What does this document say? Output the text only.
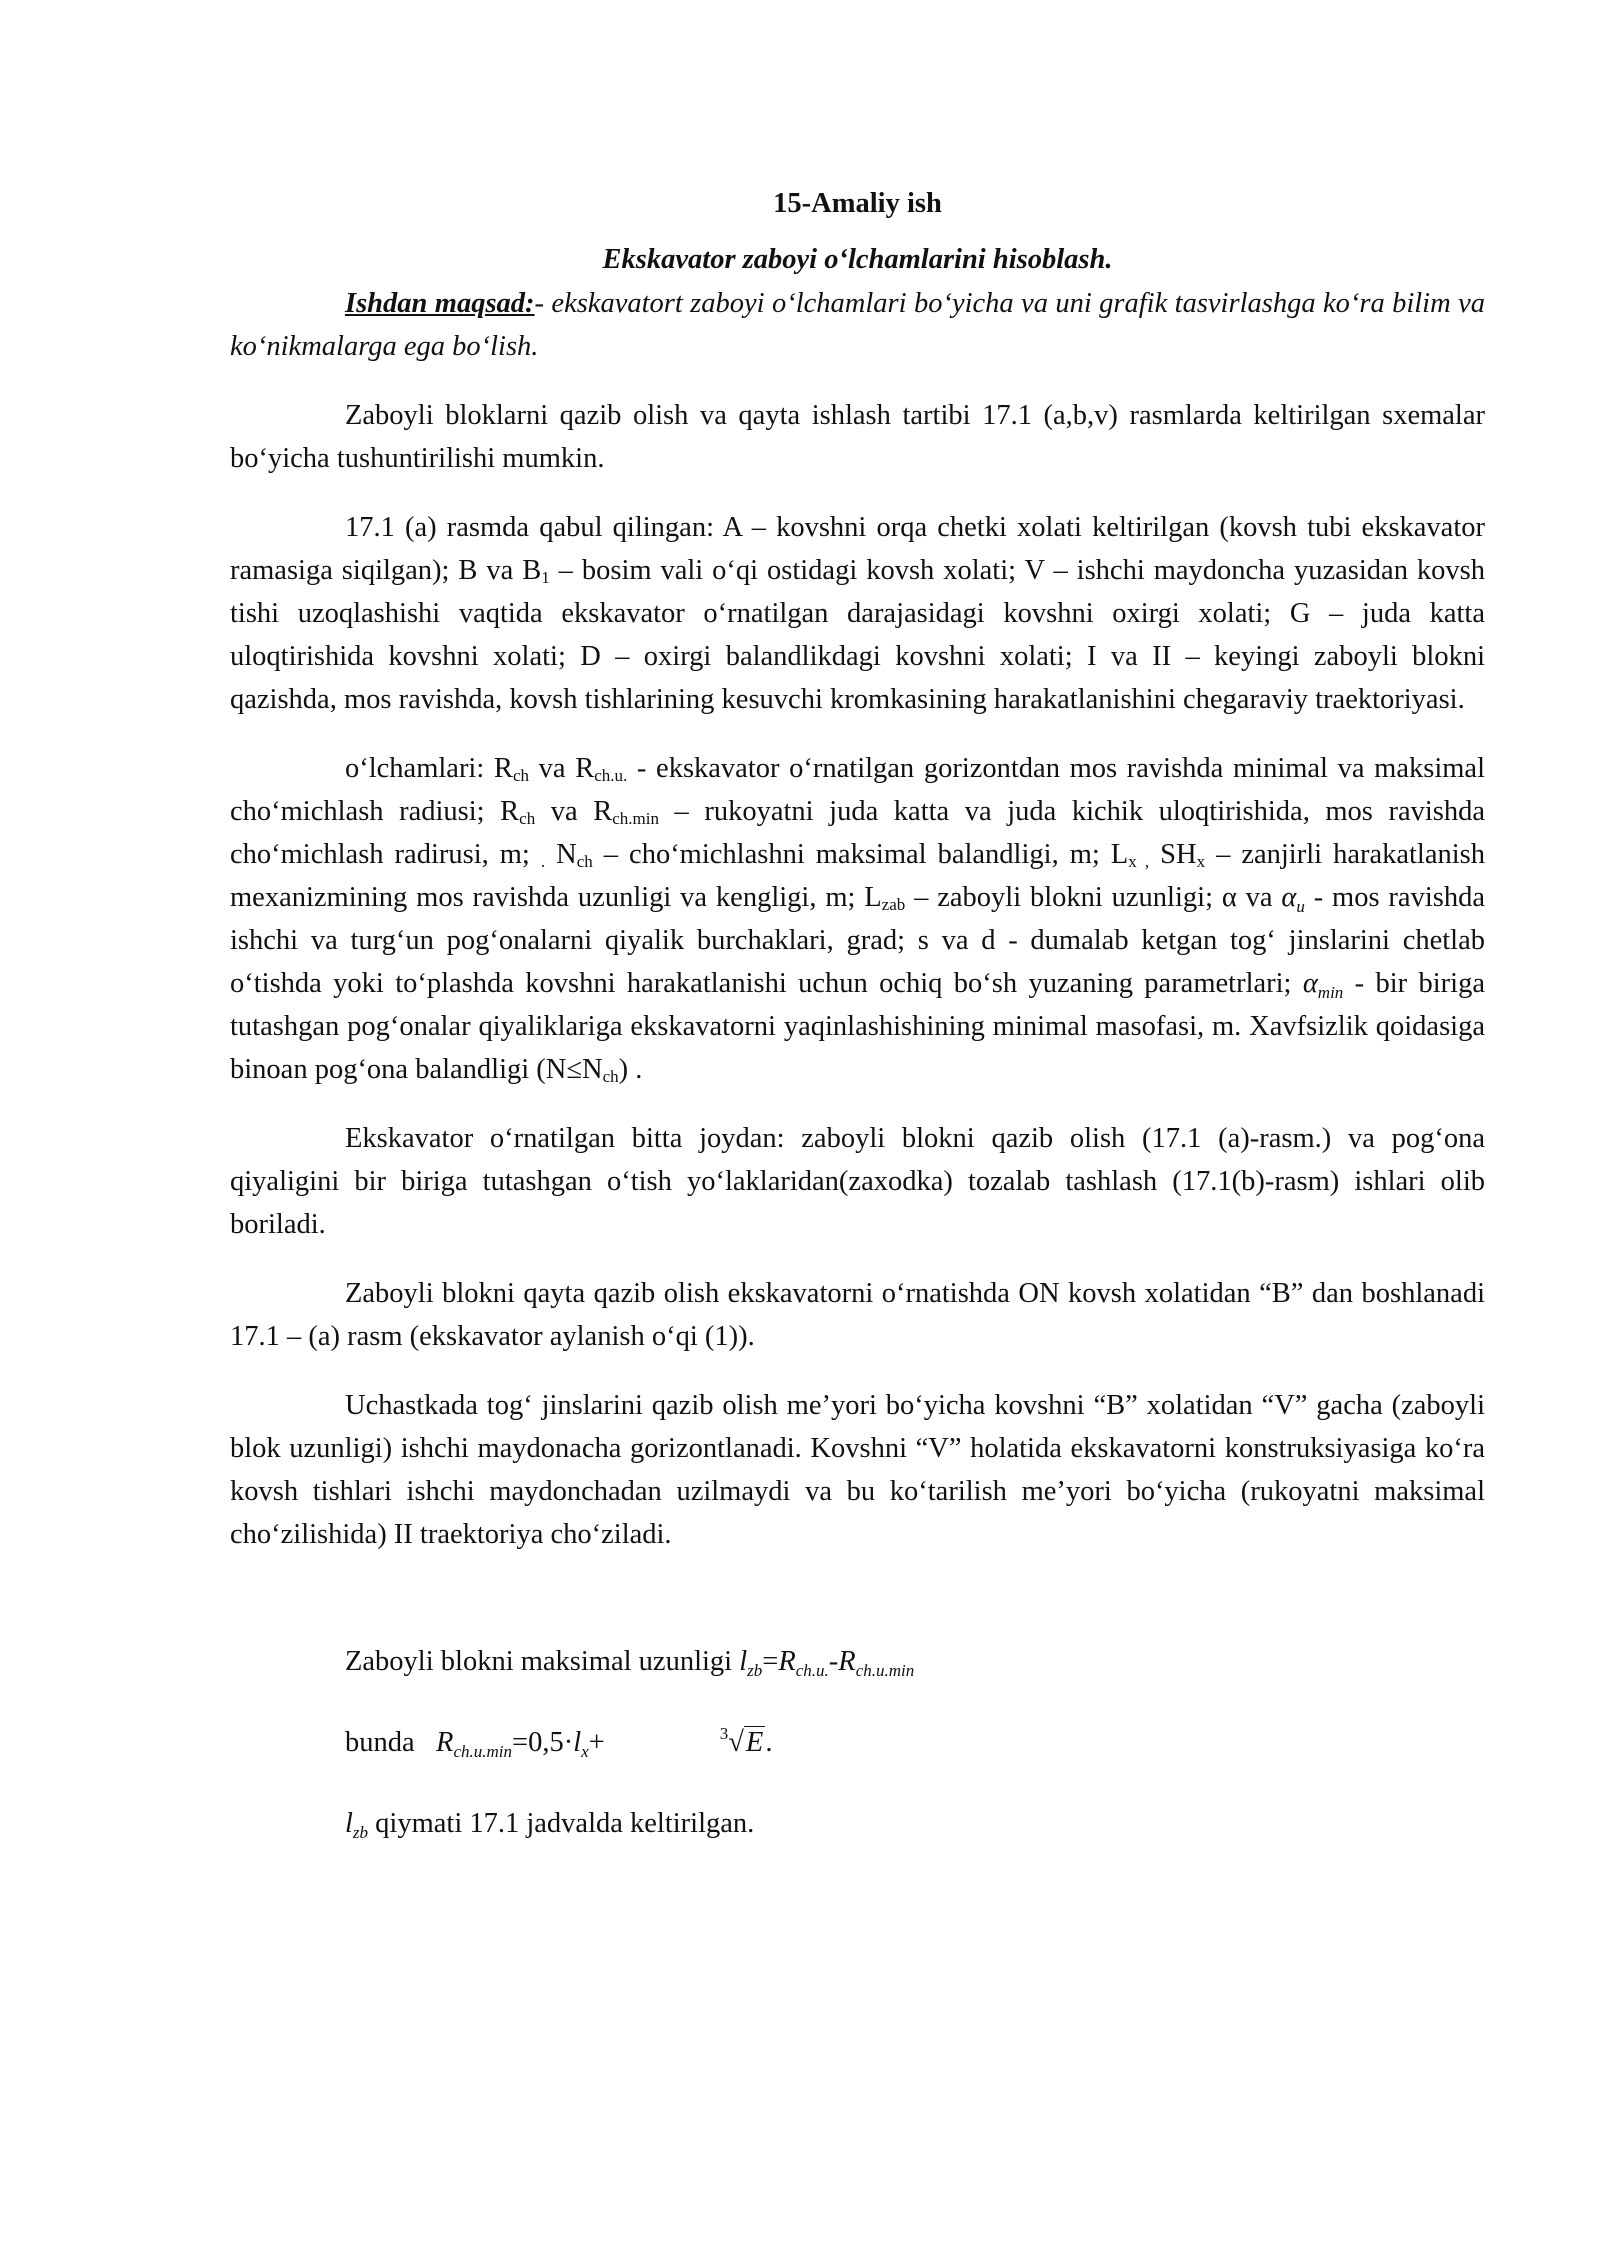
15-Amaliy ish
Ekskavator zaboyi o‘lchamlarini hisoblash.

Ishdan maqsad:- ekskavatort zaboyi o‘lchamlari bo‘yicha va uni grafik tasvirlashga ko‘ra bilim va ko‘nikmalarga ega bo‘lish.

Zaboyli bloklarni qazib olish va qayta ishlash tartibi 17.1 (a,b,v) rasmlarda keltirilgan sxemalar bo‘yicha tushuntirilishi mumkin.

17.1 (a) rasmda qabul qilingan: A – kovshni orqa chetki xolati keltirilgan (kovsh tubi ekskavator ramasiga siqilgan); B va $B_1$ – bosim vali o‘qi ostidagi kovsh xolati; V – ishchi maydoncha yuzasidan kovsh tishi uzoqlashishi vaqtida ekskavator o‘rnatilgan darajasidagi kovshni oxirgi xolati; G – juda katta uloqtirishida kovshni xolati; D – oxirgi balandlikdagi kovshni xolati; I va II – keyingi zaboyli blokni qazishda, mos ravishda, kovsh tishlarining kesuvchi kromkasining harakatlanishini chegaraviy traektoriyasi.

o‘lchamlari: $R_{ch}$ va $R_{ch.u.}$ - ekskavator o‘rnatilgan gorizontdan mos ravishda minimal va maksimal cho‘michlash radiusi; $R_{ch}$ va $R_{ch.min}$ – rukoyatni juda katta va juda kichik uloqtirishida, mos ravishda cho‘michlash radirusi, m; $_.$ $N_{ch}$ – cho‘michlashni maksimal balandligi, m; $L_{x ,}$ $SH_x$ – zanjirli harakatlanish mexanizmining mos ravishda uzunligi va kengligi, m; $L_{zab}$ – zaboyli blokni uzunligi; α va $\alpha_u$ - mos ravishda ishchi va turg‘un pog‘onalarni qiyalik burchaklari, grad; s va d - dumalab ketgan tog‘ jinslarini chetlab o‘tishda yoki to‘plashda kovshni harakatlanishi uchun ochiq bo‘sh yuzaning parametrlari; $\alpha_{min}$ - bir biriga tutashgan pog‘onalar qiyaliklariga ekskavatorni yaqinlashishining minimal masofasi, m. Xavfsizlik qoidasiga binoan pog‘ona balandligi $(N\le N_{ch})$ .

Ekskavator o‘rnatilgan bitta joydan: zaboyli blokni qazib olish (17.1 (a)-rasm.) va pog‘ona qiyaligini bir biriga tutashgan o‘tish yo‘laklaridan(zaxodka) tozalab tashlash (17.1(b)-rasm) ishlari olib boriladi.

Zaboyli blokni qayta qazib olish ekskavatorni o‘rnatishda ON kovsh xolatidan “B” dan boshlanadi 17.1 – (a) rasm (ekskavator aylanish o‘qi (1)).

Uchastkada tog‘ jinslarini qazib olish me’yori bo‘yicha kovshni “B” xolatidan “V” gacha (zaboyli blok uzunligi) ishchi maydonacha gorizontlanadi. Kovshni “V” holatida ekskavatorni konstruksiyasiga ko‘ra kovsh tishlari ishchi maydonchadan uzilmaydi va bu ko‘tarilish me’yori bo‘yicha (rukoyatni maksimal cho‘zilishida) II traektoriya cho‘ziladi.

Zaboyli blokni maksimal uzunligi $l_{zb}=R_{ch.u.}-R_{ch.u.min}$
bunda   $R_{ch.u.min}=0,5\cdot l_x+$	$^3$√E.
$l_{zb}$ qiymati 17.1 jadvalda keltirilgan.
